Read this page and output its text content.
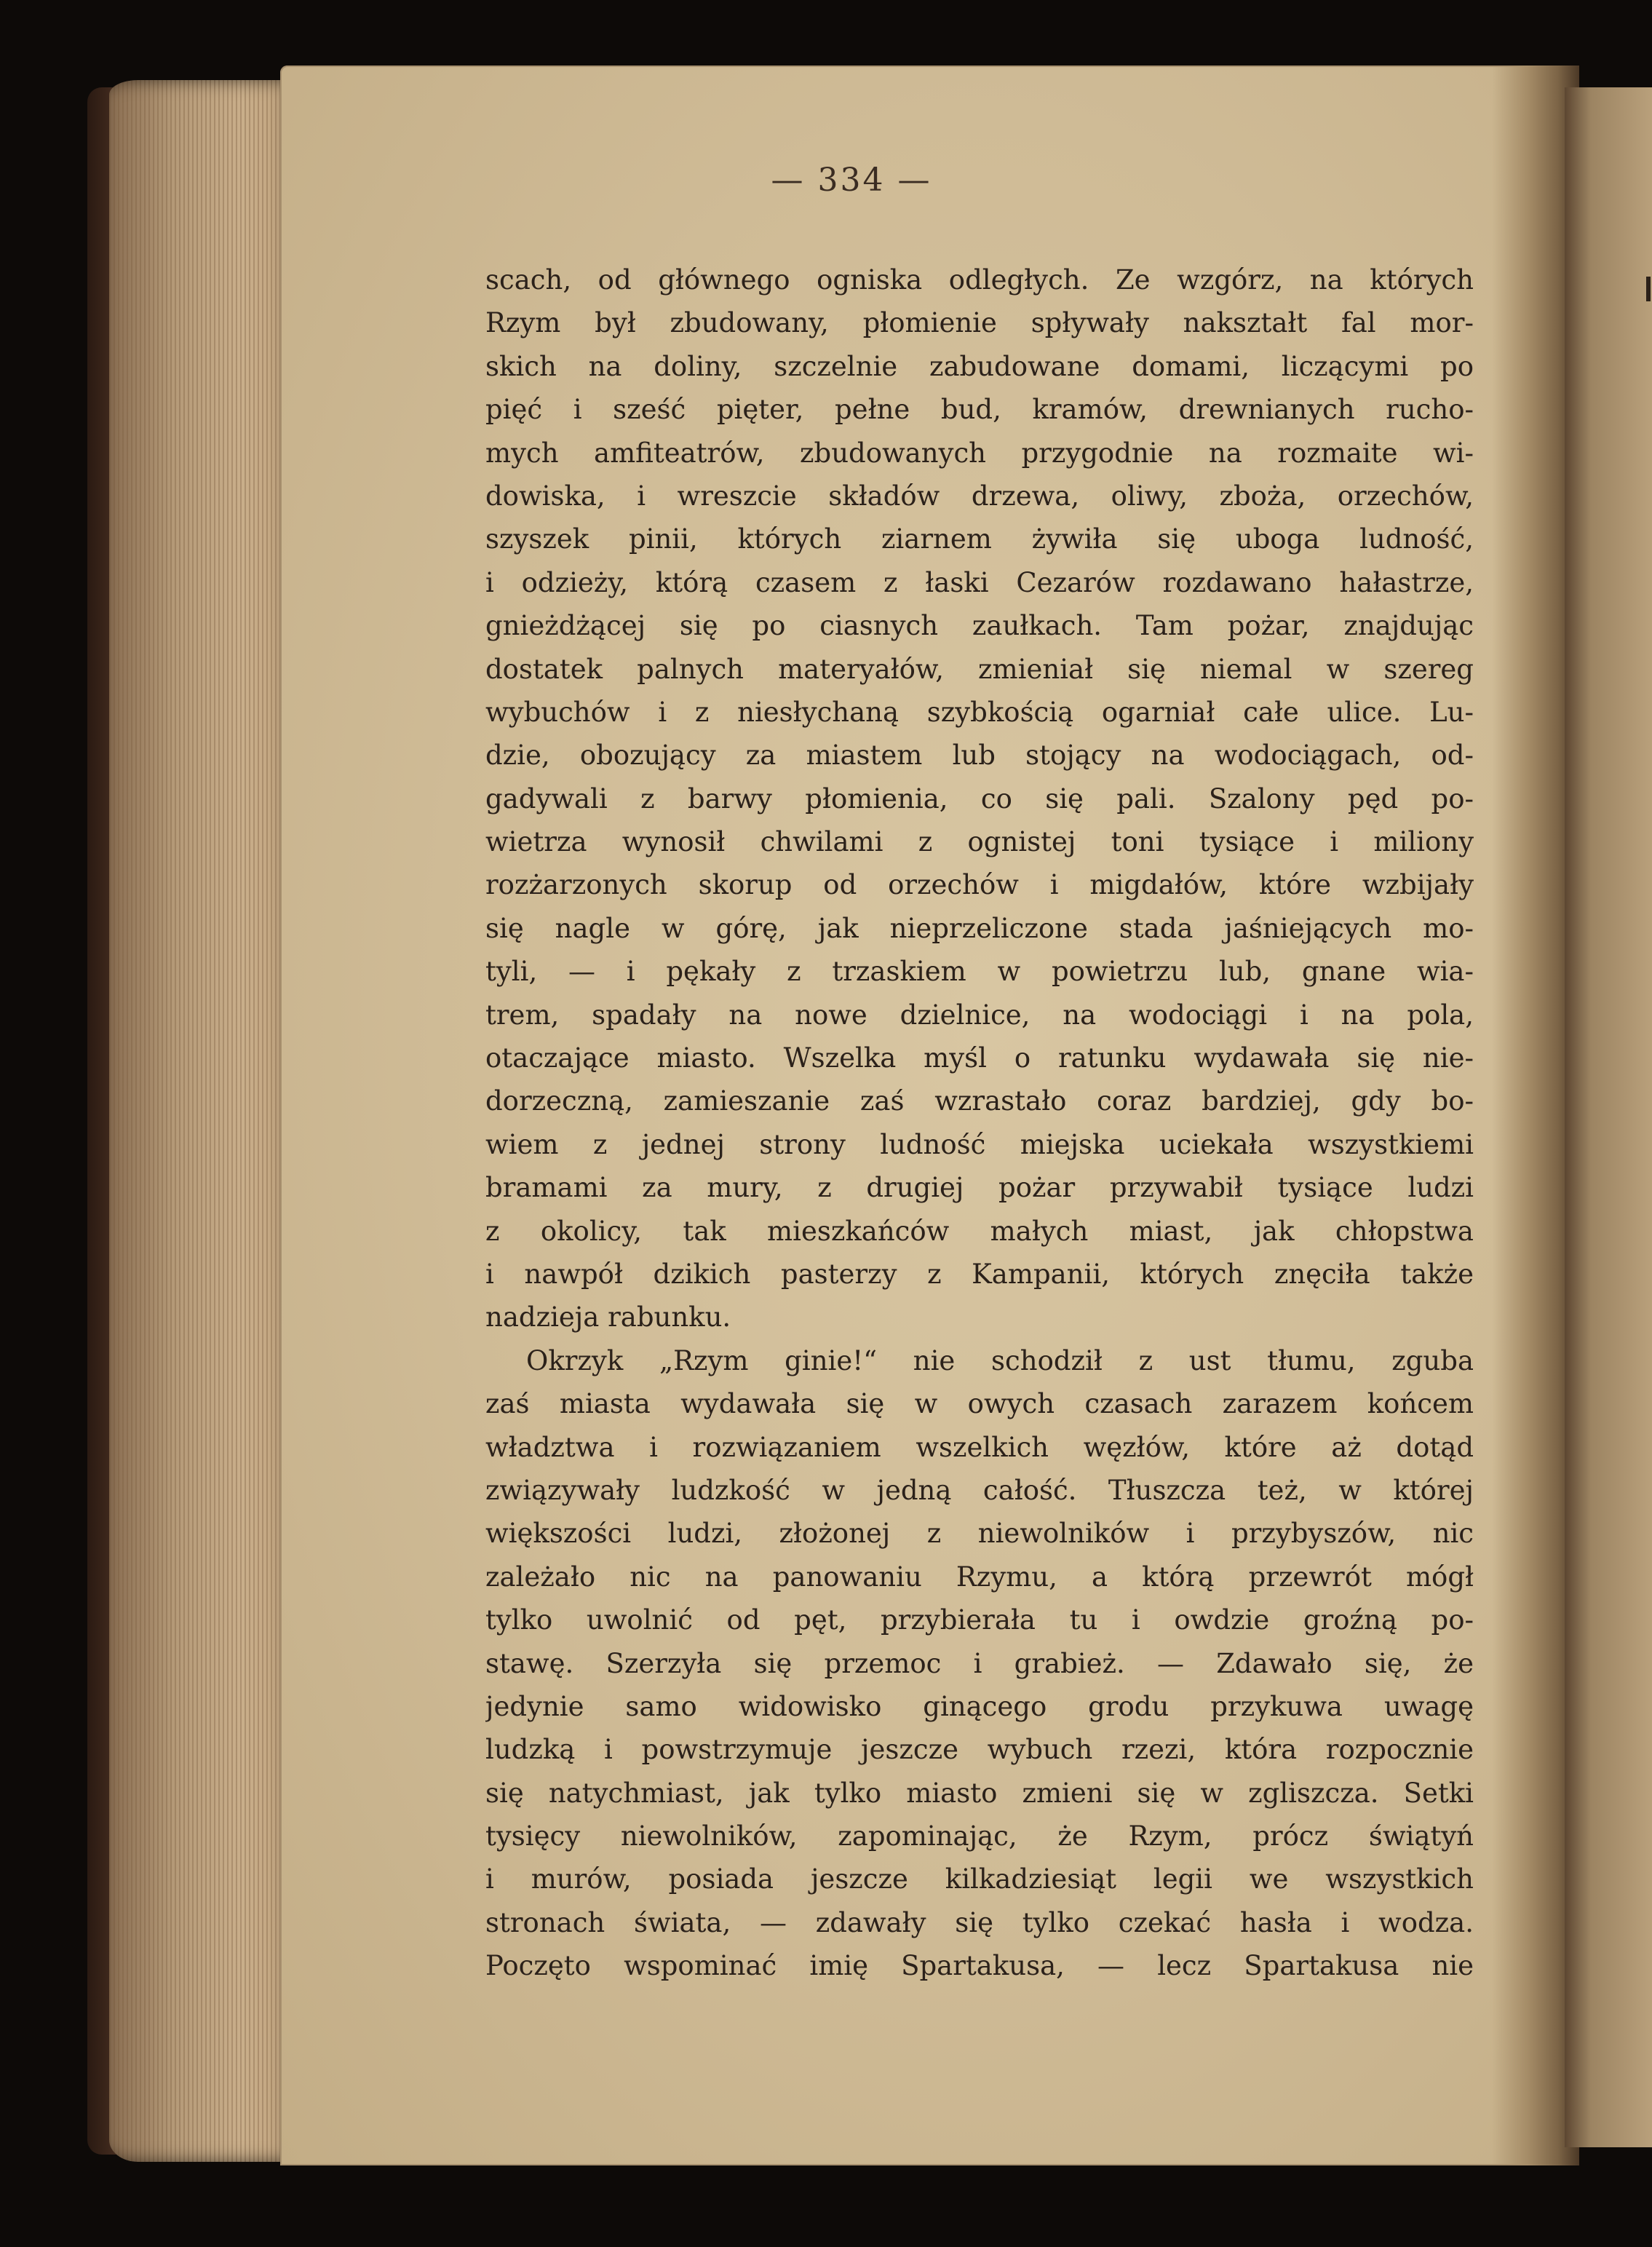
— 334 —
scach, od głównego ogniska odległych. Ze wzgórz, na których
Rzym był zbudowany, płomienie spływały nakształt fal mor-
skich na doliny, szczelnie zabudowane domami, liczącymi po
pięć i sześć pięter, pełne bud, kramów, drewnianych rucho-
mych amfiteatrów, zbudowanych przygodnie na rozmaite wi-
dowiska, i wreszcie składów drzewa, oliwy, zboża, orzechów,
szyszek pinii, których ziarnem żywiła się uboga ludność,
i odzieży, którą czasem z łaski Cezarów rozdawano hałastrze,
gnieżdżącej się po ciasnych zaułkach. Tam pożar, znajdując
dostatek palnych materyałów, zmieniał się niemal w szereg
wybuchów i z niesłychaną szybkością ogarniał całe ulice. Lu-
dzie, obozujący za miastem lub stojący na wodociągach, od-
gadywali z barwy płomienia, co się pali. Szalony pęd po-
wietrza wynosił chwilami z ognistej toni tysiące i miliony
rozżarzonych skorup od orzechów i migdałów, które wzbijały
się nagle w górę, jak nieprzeliczone stada jaśniejących mo-
tyli, — i pękały z trzaskiem w powietrzu lub, gnane wia-
trem, spadały na nowe dzielnice, na wodociągi i na pola,
otaczające miasto. Wszelka myśl o ratunku wydawała się nie-
dorzeczną, zamieszanie zaś wzrastało coraz bardziej, gdy bo-
wiem z jednej strony ludność miejska uciekała wszystkiemi
bramami za mury, z drugiej pożar przywabił tysiące ludzi
z okolicy, tak mieszkańców małych miast, jak chłopstwa
i nawpół dzikich pasterzy z Kampanii, których znęciła także
nadzieja rabunku.
Okrzyk „Rzym ginie!“ nie schodził z ust tłumu, zguba
zaś miasta wydawała się w owych czasach zarazem końcem
władztwa i rozwiązaniem wszelkich węzłów, które aż dotąd
związywały ludzkość w jedną całość. Tłuszcza też, w której
większości ludzi, złożonej z niewolników i przybyszów, nic
zależało nic na panowaniu Rzymu, a którą przewrót mógł
tylko uwolnić od pęt, przybierała tu i owdzie groźną po-
stawę. Szerzyła się przemoc i grabież. — Zdawało się, że
jedynie samo widowisko ginącego grodu przykuwa uwagę
ludzką i powstrzymuje jeszcze wybuch rzezi, która rozpocznie
się natychmiast, jak tylko miasto zmieni się w zgliszcza. Setki
tysięcy niewolników, zapominając, że Rzym, prócz świątyń
i murów, posiada jeszcze kilkadziesiąt legii we wszystkich
stronach świata, — zdawały się tylko czekać hasła i wodza.
Poczęto wspominać imię Spartakusa, — lecz Spartakusa nie
